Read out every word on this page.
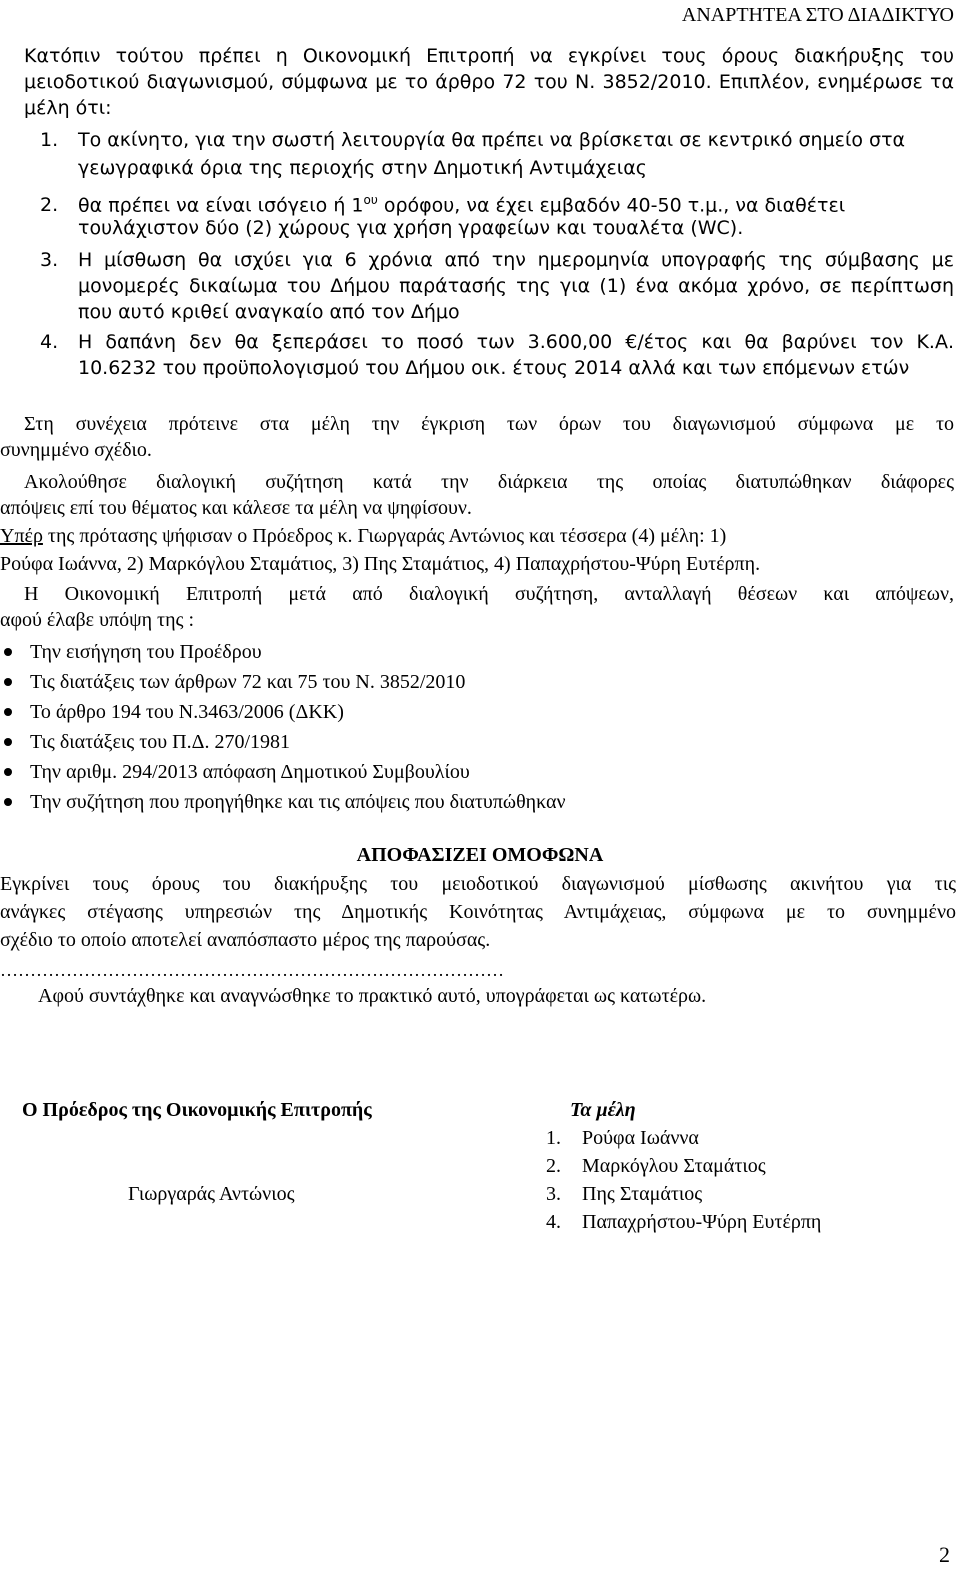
ΑΝΑΡΤΗΤΕΑ ΣΤΟ ΔΙΑΔΙΚΤΥΟ
Κατόπιν τούτου πρέπει η Οικονομική Επιτροπή να εγκρίνει τους όρους διακήρυξης του
μειοδοτικού διαγωνισμού, σύμφωνα με το άρθρο 72 του Ν. 3852/2010. Επιπλέον, ενημέρωσε τα
μέλη ότι:
1. Το ακίνητο, για την σωστή λειτουργία θα πρέπει να βρίσκεται σε κεντρικό σημείο στα
γεωγραφικά όρια της περιοχής στην Δημοτική Αντιμάχειας
2. θα πρέπει να είναι ισόγειο ή $1^{o\upsilon}$ ορόφου, να έχει εμβαδόν 40-50 τ.μ., να διαθέτει
τουλάχιστον δύο (2) χώρους για χρήση γραφείων και τουαλέτα (WC).
3. Η μίσθωση θα ισχύει για 6 χρόνια από την ημερομηνία υπογραφής της σύμβασης με
μονομερές δικαίωμα του Δήμου παράτασής της για (1) ένα ακόμα χρόνο, σε περίπτωση
που αυτό κριθεί αναγκαίο από τον Δήμο
4. Η δαπάνη δεν θα ξεπεράσει το ποσό των 3.600,00 €/έτος και θα βαρύνει τον Κ.Α.
10.6232 του προϋπολογισμού του Δήμου οικ. έτους 2014 αλλά και των επόμενων ετών
Στη συνέχεια πρότεινε στα μέλη την έγκριση των όρων του διαγωνισμού σύμφωνα με το
συνημμένο σχέδιο.
Ακολούθησε διαλογική συζήτηση κατά την διάρκεια της οποίας διατυπώθηκαν διάφορες
απόψεις επί του θέματος και κάλεσε τα μέλη να ψηφίσουν.
Υπέρ της πρότασης ψήφισαν ο Πρόεδρος κ. Γιωργαράς Αντώνιος και τέσσερα (4) μέλη: 1)
Ρούφα Ιωάννα, 2) Μαρκόγλου Σταμάτιος, 3) Πης Σταμάτιος, 4) Παπαχρήστου-Ψύρη Ευτέρπη.
Η Οικονομική Επιτροπή μετά από διαλογική συζήτηση, ανταλλαγή θέσεων και απόψεων,
αφού έλαβε υπόψη της :
Την εισήγηση του Προέδρου
Τις διατάξεις των άρθρων 72 και 75 του Ν. 3852/2010
Το άρθρο 194 του Ν.3463/2006 (ΔΚΚ)
Τις διατάξεις του Π.Δ. 270/1981
Την αριθμ. 294/2013 απόφαση Δημοτικού Συμβουλίου
Την συζήτηση που προηγήθηκε και τις απόψεις που διατυπώθηκαν
ΑΠΟΦΑΣΙΖΕΙ ΟΜΟΦΩΝΑ
Εγκρίνει τους όρους του διακήρυξης του μειοδοτικού διαγωνισμού μίσθωσης ακινήτου για τις
ανάγκες στέγασης υπηρεσιών της Δημοτικής Κοινότητας Αντιμάχειας, σύμφωνα με το συνημμένο
σχέδιο το οποίο αποτελεί αναπόσπαστο μέρος της παρούσας.
…………………………………………………………………………
Αφού συντάχθηκε και αναγνώσθηκε το πρακτικό αυτό, υπογράφεται ως κατωτέρω.
Ο Πρόεδρος της Οικονομικής Επιτροπής
Γιωργαράς Αντώνιος
Τα μέλη
1. Ρούφα Ιωάννα
2. Μαρκόγλου Σταμάτιος
3. Πης Σταμάτιος
4. Παπαχρήστου-Ψύρη Ευτέρπη
2
